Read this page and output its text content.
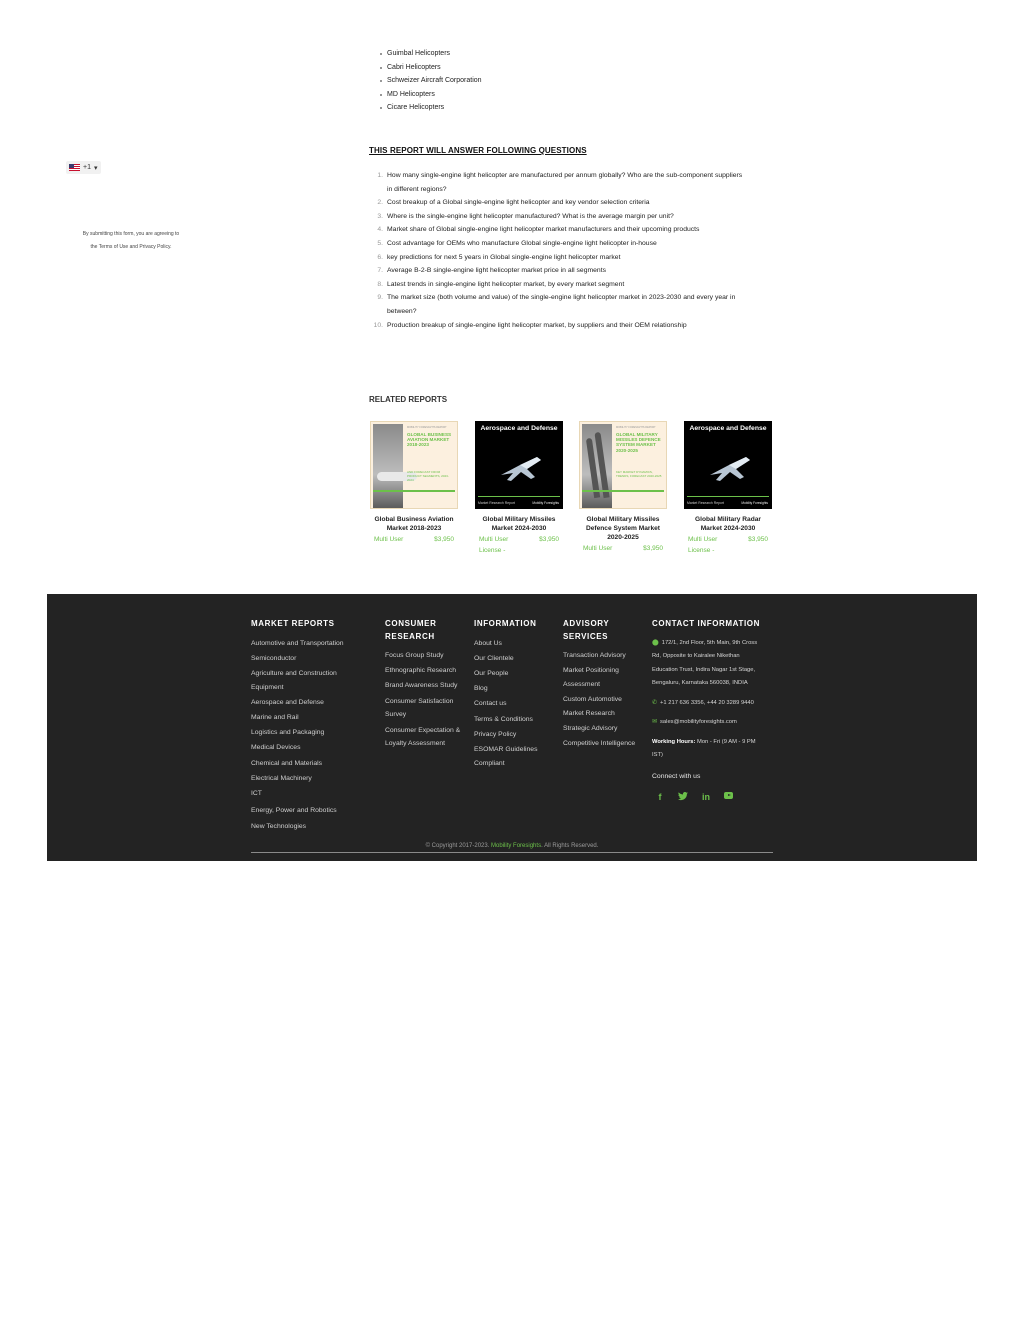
+1 ▾
By submitting this form, you are agreeing to
the Terms of Use and Privacy Policy.
Guimbal Helicopters
Cabri Helicopters
Schweizer Aircraft Corporation
MD Helicopters
Cicare Helicopters
THIS REPORT WILL ANSWER FOLLOWING QUESTIONS
1. How many single-engine light helicopter are manufactured per annum globally? Who are the sub-component suppliers
in different regions?
2. Cost breakup of a Global single-engine light helicopter and key vendor selection criteria
3. Where is the single-engine light helicopter manufactured? What is the average margin per unit?
4. Market share of Global single-engine light helicopter market manufacturers and their upcoming products
5. Cost advantage for OEMs who manufacture Global single-engine light helicopter in-house
6. key predictions for next 5 years in Global single-engine light helicopter market
7. Average B-2-B single-engine light helicopter market price in all segments
8. Latest trends in single-engine light helicopter market, by every market segment
9. The market size (both volume and value) of the single-engine light helicopter market in 2023-2030 and every year in
between?
10. Production breakup of single-engine light helicopter market, by suppliers and their OEM relationship
RELATED REPORTS
MOBILITY FORESIGHTS REPORT
GLOBAL BUSINESS AVIATION MARKET 2018-2023
AND FORECAST FROM PRODUCT SEGMENTS, 2023-2024
Global Business Aviation Market 2018-2023
Multi User	$3,950
Aerospace and Defense
Market Research Report	Mobility Foresights
Global Military Missiles Market 2024-2030
Multi User	$3,950
License -
MOBILITY FORESIGHTS REPORT
GLOBAL MILITARY MISSILES DEFENCE SYSTEM MARKET 2020-2025
KEY MARKET DYNAMICS, TRENDS, FORECAST 2020-2025
Global Military Missiles Defence System Market 2020-2025
Multi User	$3,950
Aerospace and Defense
Market Research Report	Mobility Foresights
Global Military Radar Market 2024-2030
Multi User	$3,950
License -
MARKET REPORTS
Automotive and Transportation
Semiconductor
Agriculture and Construction Equipment
Aerospace and Defense
Marine and Rail
Logistics and Packaging
Medical Devices
Chemical and Materials
Electrical Machinery
ICT
Energy, Power and Robotics
New Technologies
CONSUMER RESEARCH
Focus Group Study
Ethnographic Research
Brand Awareness Study
Consumer Satisfaction Survey
Consumer Expectation & Loyalty Assessment
INFORMATION
About Us
Our Clientele
Our People
Blog
Contact us
Terms & Conditions
Privacy Policy
ESOMAR Guidelines Compliant
ADVISORY SERVICES
Transaction Advisory
Market Positioning Assessment
Custom Automotive Market Research
Strategic Advisory
Competitive Intelligence
CONTACT INFORMATION
⬤ 172/1, 2nd Floor, 5th Main, 9th Cross
Rd, Opposite to Kairalee Nikethan
Education Trust, Indira Nagar 1st Stage,
Bengaluru, Karnataka 560038, INDIA
✆ +1 217 636 3356, +44 20 3289 9440
✉ sales@mobilityforesights.com
Working Hours: Mon - Fri (9 AM - 9 PM
IST)
Connect with us
f	in
© Copyright 2017-2023. Mobility Foresights. All Rights Reserved.
